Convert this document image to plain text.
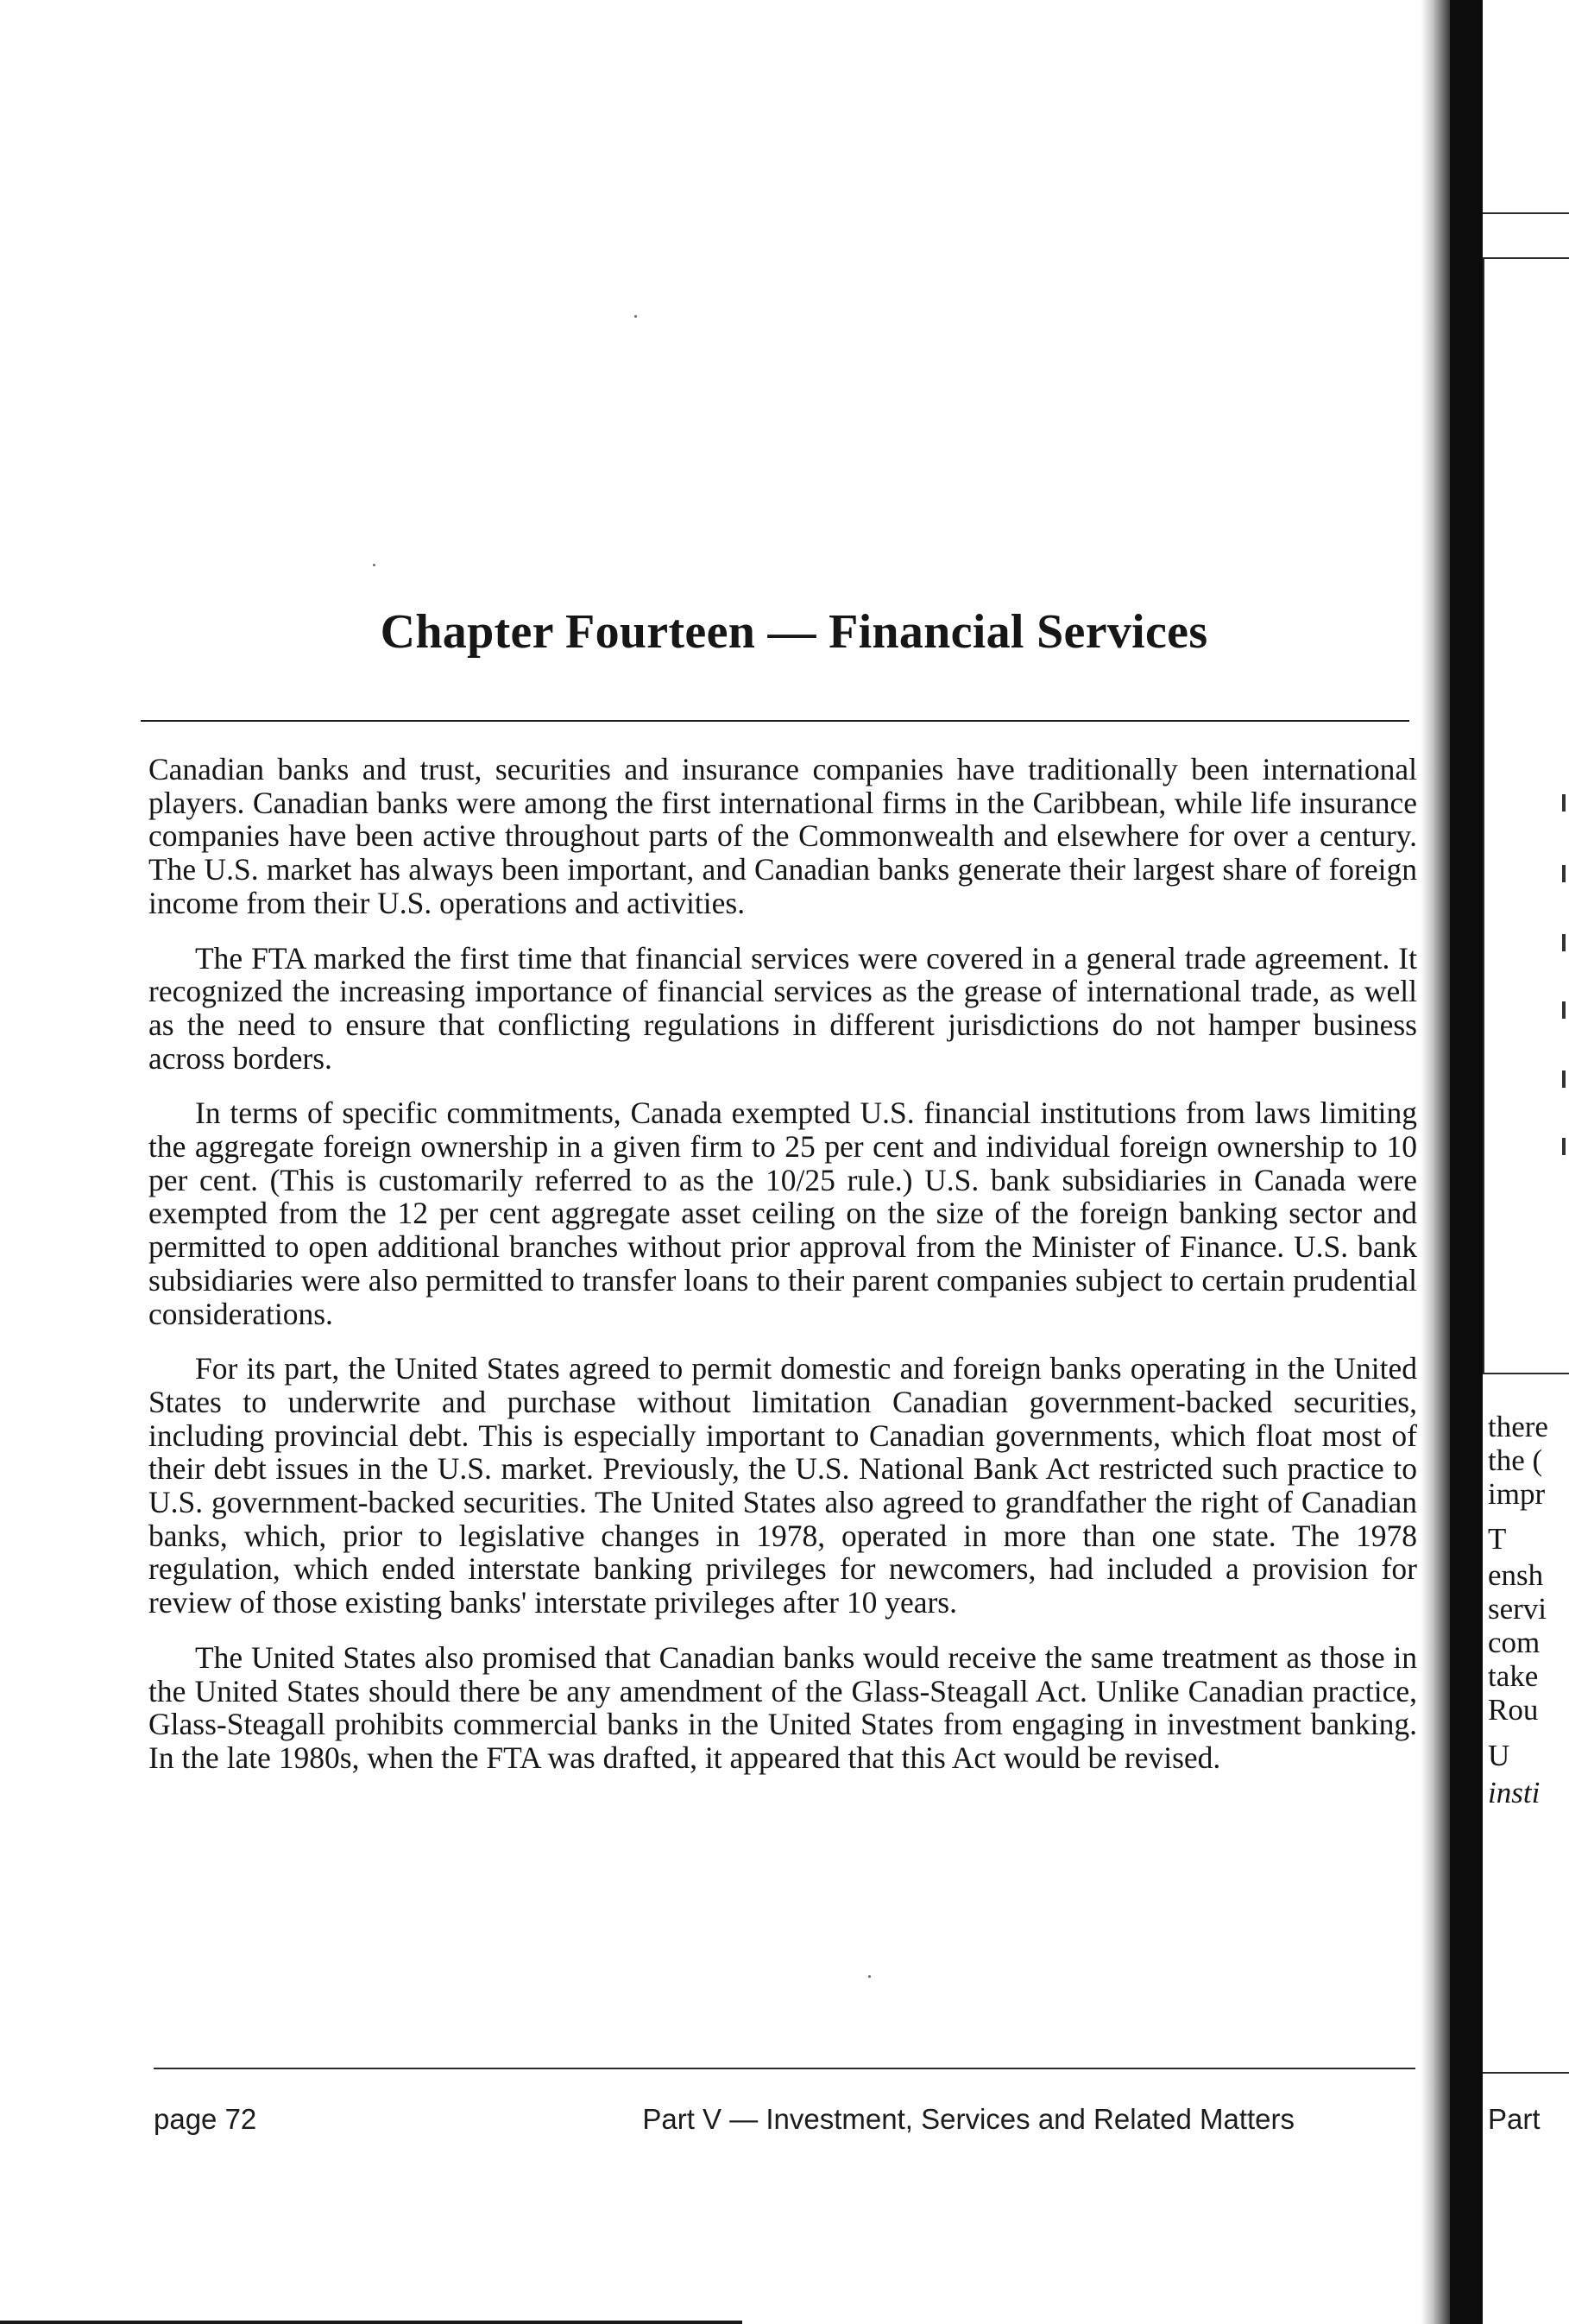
Chapter Fourteen — Financial Services

Canadian banks and trust, securities and insurance companies have traditionally been international players. Canadian banks were among the first international firms in the Caribbean, while life insurance companies have been active throughout parts of the Commonwealth and elsewhere for over a century. The U.S. market has always been important, and Canadian banks generate their largest share of foreign income from their U.S. operations and activities.

The FTA marked the first time that financial services were covered in a general trade agreement. It recognized the increasing importance of financial services as the grease of international trade, as well as the need to ensure that conflicting regulations in different jurisdictions do not hamper business across borders.

In terms of specific commitments, Canada exempted U.S. financial institutions from laws limiting the aggregate foreign ownership in a given firm to 25 per cent and individual foreign ownership to 10 per cent. (This is customarily referred to as the 10/25 rule.) U.S. bank subsidiaries in Canada were exempted from the 12 per cent aggregate asset ceiling on the size of the foreign banking sector and permitted to open additional branches without prior approval from the Minister of Finance. U.S. bank subsidiaries were also permitted to transfer loans to their parent companies subject to certain prudential considerations.

For its part, the United States agreed to permit domestic and foreign banks operating in the United States to underwrite and purchase without limitation Canadian government-backed securities, including provincial debt. This is especially important to Canadian governments, which float most of their debt issues in the U.S. market. Previously, the U.S. National Bank Act restricted such practice to U.S. government-backed securities. The United States also agreed to grandfather the right of Canadian banks, which, prior to legislative changes in 1978, operated in more than one state. The 1978 regulation, which ended interstate banking privileges for newcomers, had included a provision for review of those existing banks' interstate privileges after 10 years.

The United States also promised that Canadian banks would receive the same treatment as those in the United States should there be any amendment of the Glass-Steagall Act. Unlike Canadian practice, Glass-Steagall prohibits commercial banks in the United States from engaging in investment banking. In the late 1980s, when the FTA was drafted, it appeared that this Act would be revised.

page 72	Part V — Investment, Services and Related Matters

there

the (

impr

T

ensh

servi

com

take

Rou

U

insti

Part
